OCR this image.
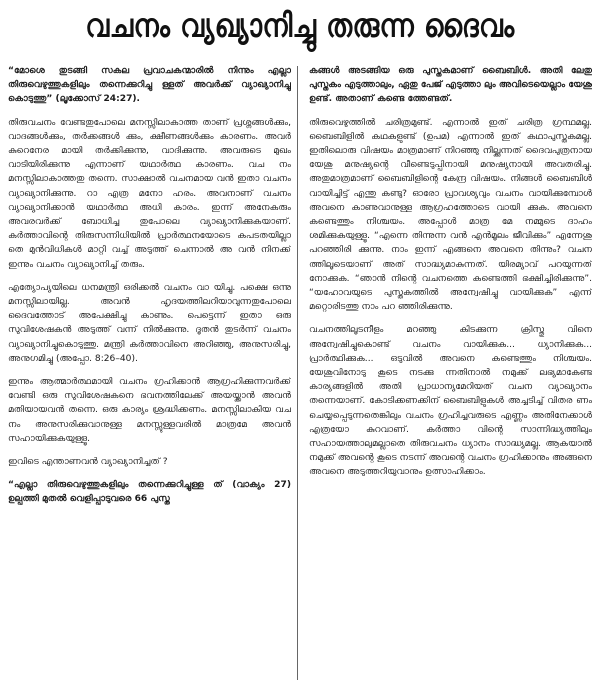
വചനം വ്യഖ്യാനിച്ചു തരുന്ന ദൈവം

“മോശെ തുടങ്ങി സകല പ്രവാചകന്മാരിൽ നിന്നും എല്ലാ തിരുവെഴുത്തുകളിലും തന്നെക്കുറിച്ചു ള്ളത് അവർക്ക് വ്യാഖ്യാനിച്ചു കൊടുത്തു” (ലൂക്കോസ് 24:27).

തിരുവചനം വേണ്ടതുപോലെ മനസ്സിലാകാത്ത താണ് പ്രശ്നങ്ങൾക്കും, വാദങ്ങൾക്കും, തർക്കങ്ങൾ ക്കും, ക്ഷീണങ്ങൾക്കും കാരണം. അവർ കുറെനേര മായി തർക്കിക്കുന്നു, വാദിക്കുന്നു. അവരുടെ മുഖം വാടിയിരിക്കുന്നു എന്നാണ് യഥാർത്ഥ കാരണം. വച നം മനസ്സിലാകാത്തതു തന്നെ. സാക്ഷാൽ വചനമായ വൻ ഇതാ വചനം വ്യാഖ്യാനിക്കുന്നു. റാ എത്ര മനോ ഹരം. അവനാണ് വചനം വ്യാഖ്യാനിക്കാൻ യഥാർത്ഥ അധി കാരം. ഇന്ന് അനേകരും അവരവർക്ക് ബോധിച്ച തുപോലെ വ്യാഖ്യാനിക്കുകയാണ്. കർത്താവിന്റെ തിരുസന്നിധിയിൽ പ്രാർത്ഥനയോടെ കപടതയില്ലാ തെ മുൻവിധികൾ മാറ്റി വച്ച് അടുത്ത് ചെന്നാൽ അ വൻ നിനക്ക് ഇന്നും വചനം വ്യാഖ്യാനിച്ച് തരും.

എത്യോപ്യയിലെ ധനമന്ത്രി ഒരിക്കൽ വചനം വാ യിച്ചു. പക്ഷെ ഒന്നു മനസ്സിലായില്ല. അവൻ ഹൃദയത്തിലറിയാവുന്നതുപോലെ ദൈവത്തോട് അപേക്ഷിച്ചു കാണും. പെട്ടെന്ന് ഇതാ ഒരു സുവിശേഷകൻ അടുത്ത് വന്ന് നിൽക്കുന്നു. ദൂതൻ തുടർന്ന് വചനം വ്യാഖ്യാനിച്ചുകൊടുത്തു. മന്ത്രി കർത്താവിനെ അറിഞ്ഞു, അനുസരിച്ചു, അനുഗമിച്ചു (അപ്പോ. 8:26–40).

ഇന്നും ആത്മാർത്ഥമായി വചനം ഗ്രഹിക്കാൻ ആഗ്രഹിക്കുന്നവർക്ക് വേണ്ടി ഒരു സുവിശേഷകനെ ഭവനത്തിലേക്ക് അയയ്ക്കാൻ അവൻ മതിയായവൻ തന്നെ. ഒരു കാര്യം ശ്രദ്ധിക്കണം. മനസ്സിലാകിയ വച നം അനുസരിക്കുവാനുള്ള മനസ്സുള്ളവരിൽ മാത്രമേ അവൻ സഹായിക്കുകയുള്ളൂ.

ഇവിടെ എന്താണവൻ വ്യാഖ്യാനിച്ചത് ?

“എല്ലാ തിരുവെഴുത്തുകളിലും തന്നെക്കുറിച്ചുള്ള ത് (വാക്യം 27) ഉല്പത്തി മുതൽ വെളിപ്പാടുവരെ 66 പുസ്ത

കങ്ങൾ അടങ്ങിയ ഒരു പുസ്തകമാണ് ബൈബിൾ. അതി ലേതു പുസ്തകം എടുത്താലും, ഏതു പേജ് എടുത്താ ലും അവിടെയെല്ലാം യേശു ഉണ്ട്. അതാണ് കണ്ടെ ത്തേണ്ടത്.

തിരുവെഴുത്തിൽ ചരിത്രമുണ്ട്. എന്നാൽ ഇത് ചരിത്ര ഗ്രന്ഥമല്ല. ബൈബിളിൽ കഥകളുണ്ട് (ഉപമ) എന്നാൽ ഇത് കഥാപുസ്തകമല്ല. ഇതിലൊരു വിഷയം മാത്രമാണ് നിറഞ്ഞു നില്ക്കുന്നത് ദൈവപുത്രനായ യേശു മനുഷ്യന്റെ വീണ്ടെടുപ്പിനായി മനുഷ്യനായി അവതരിച്ചു. അതുമാത്രമാണ് ബൈബിളിന്റെ കേന്ദ്ര വിഷയം. നിങ്ങൾ ബൈബിൾ വായിച്ചിട്ട് എന്തു കണ്ടു? ഓരോ പ്രാവശ്യവും വചനം വായിക്കുമ്പോൾ അവനെ കാണുവാനുള്ള ആഗ്രഹത്തോടെ വായി ക്കുക. അവനെ കണ്ടെത്തും നിശ്ചയം. അപ്പോൾ മാത്ര മേ നമ്മുടെ ദാഹം ശമിക്കുകയുള്ളൂ. “എന്നെ തിന്നുന്ന വൻ എൻമൂലം ജീവിക്കും” എന്നേശു പറഞ്ഞിരി ക്കുന്നു. നാം ഇന്ന് എങ്ങനെ അവനെ തിന്നും? വചന ത്തിലൂടെയാണ് അത് സാദ്ധ്യമാകുന്നത്. യിരമ്യാവ് പറയുന്നത് നോക്കുക. “ഞാൻ നിന്റെ വചനത്തെ കണ്ടെത്തി ഭക്ഷിച്ചിരിക്കുന്നു”. “യഹോവയുടെ പുസ്തകത്തിൽ അന്വേഷിച്ചു വായിക്കുക” എന്ന് മറ്റൊരിടത്തു നാം പറ ഞ്ഞിരിക്കുന്നു.

വചനത്തിലൂടനീളം മറഞ്ഞു കിടക്കുന്ന ക്രിസ്തു വിനെ അന്വേഷിച്ചുകൊണ്ട് വചനം വായിക്കുക... ധ്യാനിക്കുക... പ്രാർത്ഥിക്കുക... ഒടുവിൽ അവനെ കണ്ടെത്തും നിശ്ചയം. യേശുവിനോടു കൂടെ നടക്കു ന്നതിനാൽ നമുക്ക് ലഭ്യമാകേണ്ട കാര്യങ്ങളിൽ അതി പ്രാധാന്യമേറിയത് വചന വ്യാഖ്യാനം തന്നെയാണ്. കോടിക്കണക്കിന് ബൈബിളുകൾ അച്ചടിച്ച് വിതര ണം ചെയ്യപ്പെടുന്നതെങ്കിലും വചനം ഗ്രഹിച്ചവരുടെ എണ്ണം അതിനേക്കാൾ എത്രയോ കുറവാണ്. കർത്താ വിന്റെ സാന്നിദ്ധ്യത്തിലും സഹായത്താലുമല്ലാതെ തിരുവചനം ധ്യാനം സാദ്ധ്യമല്ല. ആകയാൽ നമുക്ക് അവന്റെ കൂടെ നടന്ന് അവന്റെ വചനം ഗ്രഹിക്കാനും അങ്ങനെ അവനെ അടുത്തറിയുവാനും ഉത്സാഹിക്കാം.
